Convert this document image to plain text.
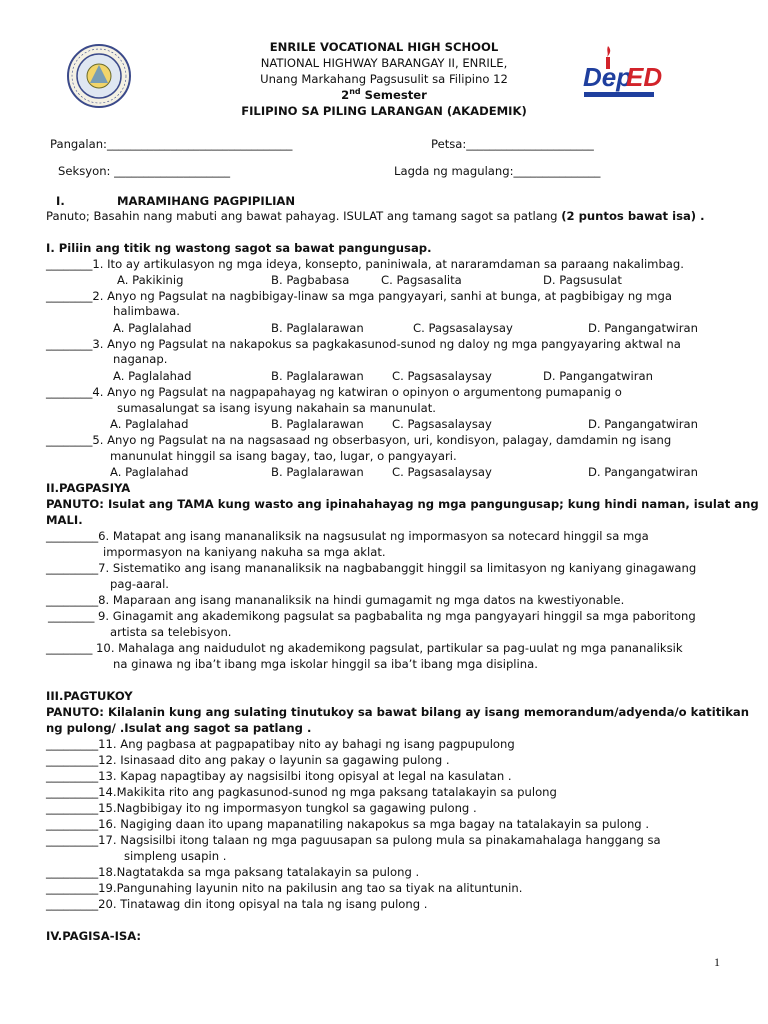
Dep
ED
ENRILE VOCATIONAL HIGH SCHOOL
NATIONAL HIGHWAY BARANGAY II, ENRILE,
Unang Markahang Pagsusulit sa Filipino 12
2nd Semester
FILIPINO SA PILING LARANGAN (AKADEMIK)
Pangalan:________________________________	Petsa:______________________
Seksyon: ____________________	Lagda ng magulang:_______________
I.	MARAMIHANG PAGPIPILIAN
Panuto; Basahin nang mabuti ang bawat pahayag. ISULAT ang tamang sagot sa patlang (2 puntos bawat isa) .
I. Piliin ang titik ng wastong sagot sa bawat pangungusap.
________1. Ito ay artikulasyon ng mga ideya, konsepto, paniniwala, at nararamdaman sa paraang nakalimbag.
A. Pakikinig	B. Pagbabasa	C. Pagsasalita	D. Pagsusulat
________2. Anyo ng Pagsulat na nagbibigay-linaw sa mga pangyayari, sanhi at bunga, at pagbibigay ng mga
halimbawa.
A. Paglalahad	B. Paglalarawan	C. Pagsasalaysay	D. Pangangatwiran
________3. Anyo ng Pagsulat na nakapokus sa pagkakasunod-sunod ng daloy ng mga pangyayaring aktwal na
naganap.
A. Paglalahad	B. Paglalarawan C. Pagsasalaysay	D. Pangangatwiran
________4. Anyo ng Pagsulat na nagpapahayag ng katwiran o opinyon o argumentong pumapanig o
sumasalungat sa isang isyung nakahain sa manunulat.
A. Paglalahad	B. Paglalarawan C. Pagsasalaysay	D. Pangangatwiran
________5. Anyo ng Pagsulat na na nagsasaad ng obserbasyon, uri, kondisyon, palagay, damdamin ng isang
manunulat hinggil sa isang bagay, tao, lugar, o pangyayari.
A. Paglalahad	B. Paglalarawan C. Pagsasalaysay	D. Pangangatwiran
II.PAGPASIYA
PANUTO: Isulat ang TAMA kung wasto ang ipinahahayag ng mga pangungusap; kung hindi naman, isulat ang
MALI.
_________6. Matapat ang isang mananaliksik na nagsusulat ng impormasyon sa notecard hinggil sa mga
impormasyon na kaniyang nakuha sa mga aklat.
_________7. Sistematiko ang isang mananaliksik na nagbabanggit hinggil sa limitasyon ng kaniyang ginagawang
pag-aaral.
_________8. Maparaan ang isang mananaliksik na hindi gumagamit ng mga datos na kwestiyonable.
________ 9. Ginagamit ang akademikong pagsulat sa pagbabalita ng mga pangyayari hinggil sa mga paboritong
artista sa telebisyon.
________ 10. Mahalaga ang naidudulot ng akademikong pagsulat, partikular sa pag-uulat ng mga pananaliksik
na ginawa ng iba’t ibang mga iskolar hinggil sa iba’t ibang mga disiplina.
III.PAGTUKOY
PANUTO: Kilalanin kung ang sulating tinutukoy sa bawat bilang ay isang memorandum/adyenda/o katitikan
ng pulong/ .Isulat ang sagot sa patlang .
_________11. Ang pagbasa at pagpapatibay nito ay bahagi ng isang pagpupulong
_________12. Isinasaad dito ang pakay o layunin sa gagawing pulong .
_________13. Kapag napagtibay ay nagsisilbi itong opisyal at legal na kasulatan .
_________14.Makikita rito ang pagkasunod-sunod ng mga paksang tatalakayin sa pulong
_________15.Nagbibigay ito ng impormasyon tungkol sa gagawing pulong .
_________16. Nagiging daan ito upang mapanatiling nakapokus sa mga bagay na tatalakayin sa pulong .
_________17. Nagsisilbi itong talaan ng mga paguusapan sa pulong mula sa pinakamahalaga hanggang sa
simpleng usapin .
_________18.Nagtatakda sa mga paksang tatalakayin sa pulong .
_________19.Pangunahing layunin nito na pakilusin ang tao sa tiyak na alituntunin.
_________20. Tinatawag din itong opisyal na tala ng isang pulong .
IV.PAGISA-ISA:
1
